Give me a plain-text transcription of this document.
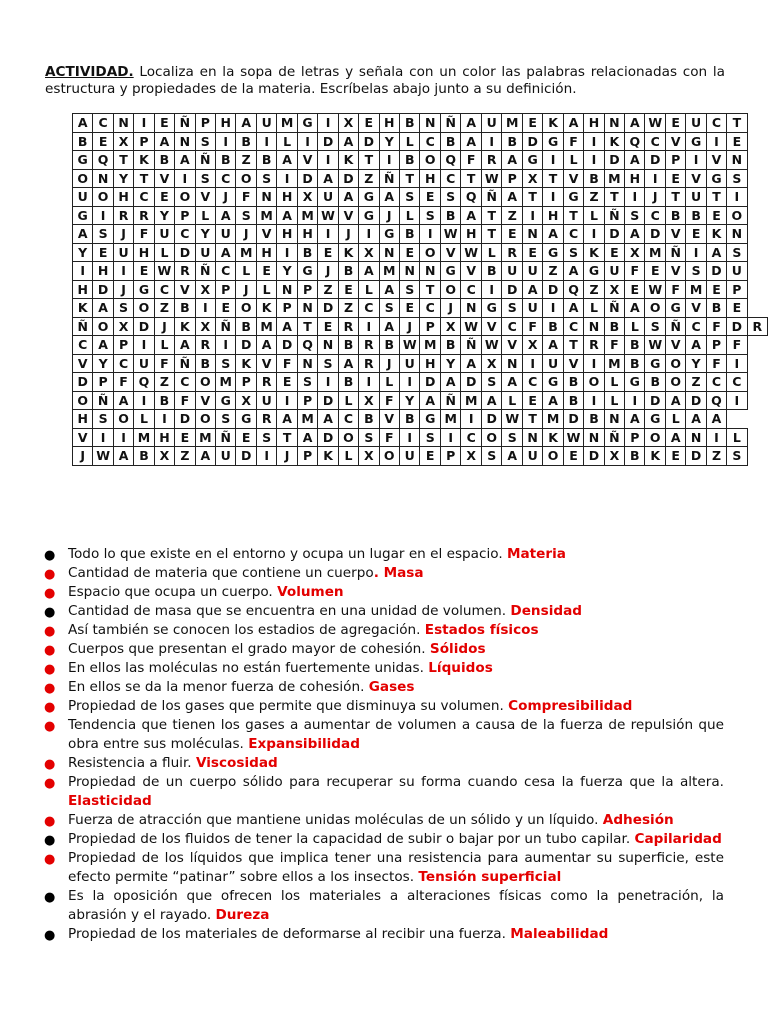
ACTIVIDAD. Localiza en la sopa de letras y señala con un color las palabras relacionadas con la estructura y propiedades de la materia. Escríbelas abajo junto a su definición.
A	C	N	I	E	Ñ	P	H	A	U	M	G	I	X	E	H	B	N	Ñ	A	U	M	E	K	A	H	N	A	W	E	U	C	T	
B	E	X	P	A	N	S	I	B	I	L	I	D	A	D	Y	L	C	B	A	I	B	D	G	F	I	K	Q	C	V	G	I	E	
G	Q	T	K	B	A	Ñ	B	Z	B	A	V	I	K	T	I	B	O	Q	F	R	A	G	I	L	I	D	A	D	P	I	V	N	
O	N	Y	T	V	I	S	C	O	S	I	D	A	D	Z	Ñ	T	H	C	T	W	P	X	T	V	B	M	H	I	E	V	G	S	
U	O	H	C	E	O	V	J	F	N	H	X	U	A	G	A	S	E	S	Q	Ñ	A	T	I	G	Z	T	I	J	T	U	T	I	
G	I	R	R	Y	P	L	A	S	M	A	M	W	V	G	J	L	S	B	A	T	Z	I	H	T	L	Ñ	S	C	B	B	E	O	
A	S	J	F	U	C	Y	U	J	V	H	H	I	J	I	G	B	I	W	H	T	E	N	A	C	I	D	A	D	V	E	K	N	
Y	E	U	H	L	D	U	A	M	H	I	B	E	K	X	N	E	O	V	W	L	R	E	G	S	K	E	X	M	Ñ	I	A	S	
I	H	I	E	W	R	Ñ	C	L	E	Y	G	J	B	A	M	N	N	G	V	B	U	U	Z	A	G	U	F	E	V	S	D	U	
H	D	J	G	C	V	X	P	J	L	N	P	Z	E	L	A	S	T	O	C	I	D	A	D	Q	Z	X	E	W	F	M	E	P	
K	A	S	O	Z	B	I	E	O	K	P	N	D	Z	C	S	E	C	J	N	G	S	U	I	A	L	Ñ	A	O	G	V	B	E	
Ñ	O	X	D	J	K	X	Ñ	B	M	A	T	E	R	I	A	J	P	X	W	V	C	F	B	C	N	B	L	S	Ñ	C	F	D	R
C	A	P	I	L	A	R	I	D	A	D	Q	N	B	R	B	W	M	B	Ñ	W	V	X	A	T	R	F	B	W	V	A	P	F	
V	Y	C	U	F	Ñ	B	S	K	V	F	N	S	A	R	J	U	H	Y	A	X	N	I	U	V	I	M	B	G	O	Y	F	I	
D	P	F	Q	Z	C	O	M	P	R	E	S	I	B	I	L	I	D	A	D	S	A	C	G	B	O	L	G	B	O	Z	C	C	
O	Ñ	A	I	B	F	V	G	X	U	I	P	D	L	X	F	Y	A	Ñ	M	A	L	E	A	B	I	L	I	D	A	D	Q	I	
H	S	O	L	I	D	O	S	G	R	A	M	A	C	B	V	B	G	M	I	D	W	T	M	D	B	N	A	G	L	A	A		
V	I	I	M	H	E	M	Ñ	E	S	T	A	D	O	S	F	I	S	I	C	O	S	N	K	W	N	Ñ	P	O	A	N	I	L	
J	W	A	B	X	Z	A	U	D	I	J	P	K	L	X	O	U	E	P	X	S	A	U	O	E	D	X	B	K	E	D	Z	S	
● Todo lo que existe en el entorno y ocupa un lugar en el espacio. Materia
● Cantidad de materia que contiene un cuerpo. Masa
● Espacio que ocupa un cuerpo. Volumen
● Cantidad de masa que se encuentra en una unidad de volumen. Densidad
● Así también se conocen los estadios de agregación. Estados físicos
● Cuerpos que presentan el grado mayor de cohesión. Sólidos
● En ellos las moléculas no están fuertemente unidas. Líquidos
● En ellos se da la menor fuerza de cohesión. Gases
● Propiedad de los gases que permite que disminuya su volumen. Compresibilidad
● Tendencia que tienen los gases a aumentar de volumen a causa de la fuerza de repulsión que obra entre sus moléculas. Expansibilidad
● Resistencia a fluir. Viscosidad
● Propiedad de un cuerpo sólido para recuperar su forma cuando cesa la fuerza que la altera. Elasticidad
● Fuerza de atracción que mantiene unidas moléculas de un sólido y un líquido. Adhesión
● Propiedad de los fluidos de tener la capacidad de subir o bajar por un tubo capilar. Capilaridad
● Propiedad de los líquidos que implica tener una resistencia para aumentar su superficie, este efecto permite “patinar” sobre ellos a los insectos. Tensión superficial
● Es la oposición que ofrecen los materiales a alteraciones físicas como la penetración, la abrasión y el rayado. Dureza
● Propiedad de los materiales de deformarse al recibir una fuerza. Maleabilidad
